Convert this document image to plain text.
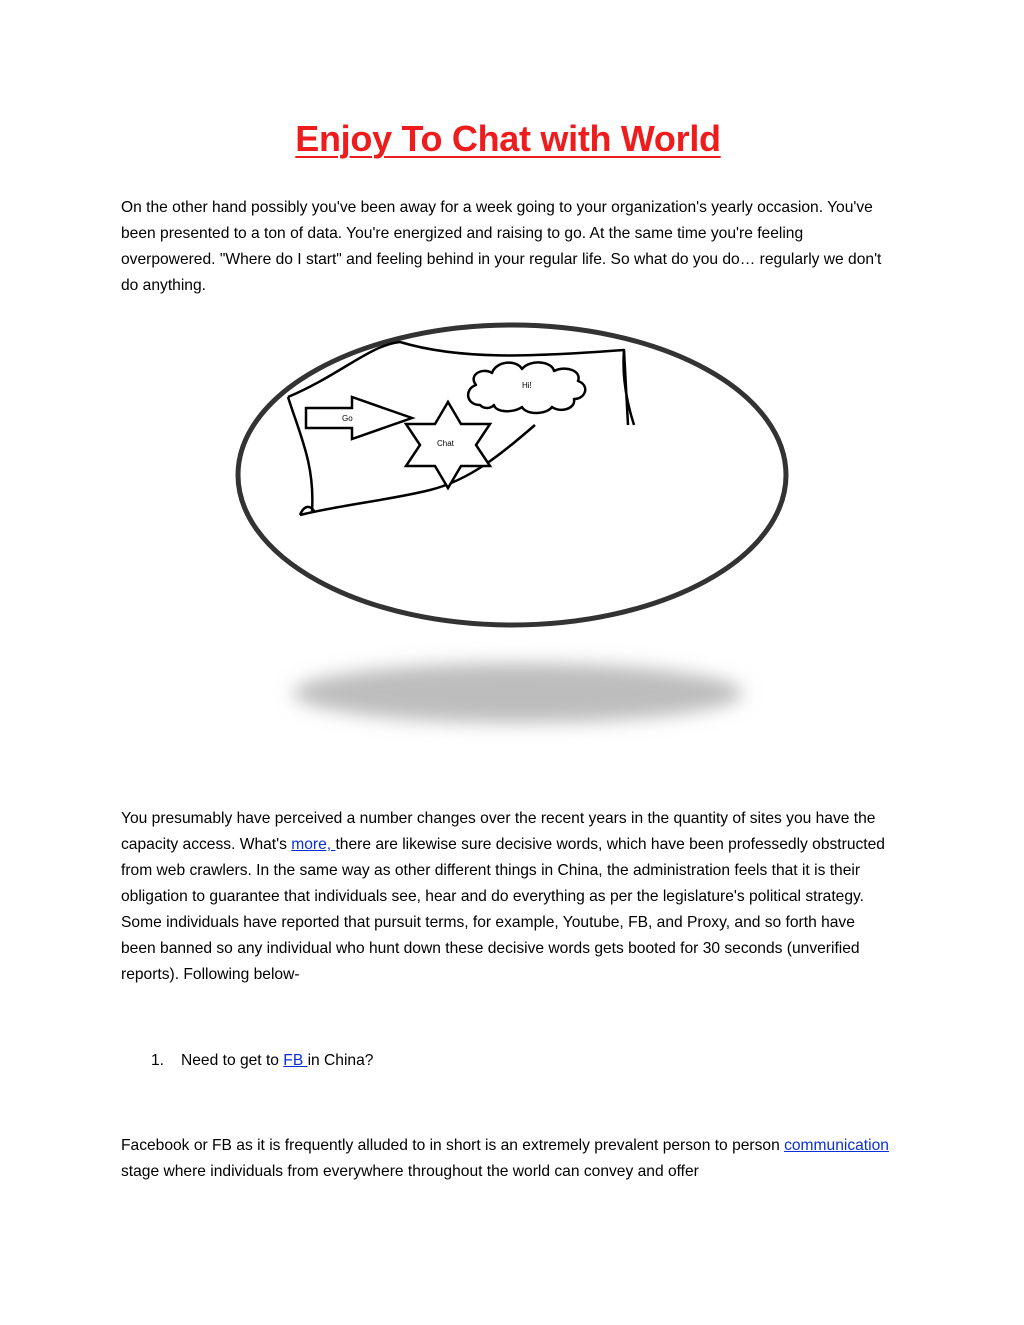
Enjoy To Chat with World

On the other hand possibly you've been away for a week going to your organization's yearly occasion. You've been presented to a ton of data. You're energized and raising to go. At the same time you're feeling overpowered. "Where do I start" and feeling behind in your regular life. So what do you do… regularly we don't do anything.

Go
Chat
Hi!

You presumably have perceived a number changes over the recent years in the quantity of sites you have the capacity access. What's more, there are likewise sure decisive words, which have been professedly obstructed from web crawlers. In the same way as other different things in China, the administration feels that it is their obligation to guarantee that individuals see, hear and do everything as per the legislature's political strategy. Some individuals have reported that pursuit terms, for example, Youtube, FB, and Proxy, and so forth have been banned so any individual who hunt down these decisive words gets booted for 30 seconds (unverified reports). Following below-

1. Need to get to FB in China?

Facebook or FB as it is frequently alluded to in short is an extremely prevalent person to person communication stage where individuals from everywhere throughout the world can convey and offer
